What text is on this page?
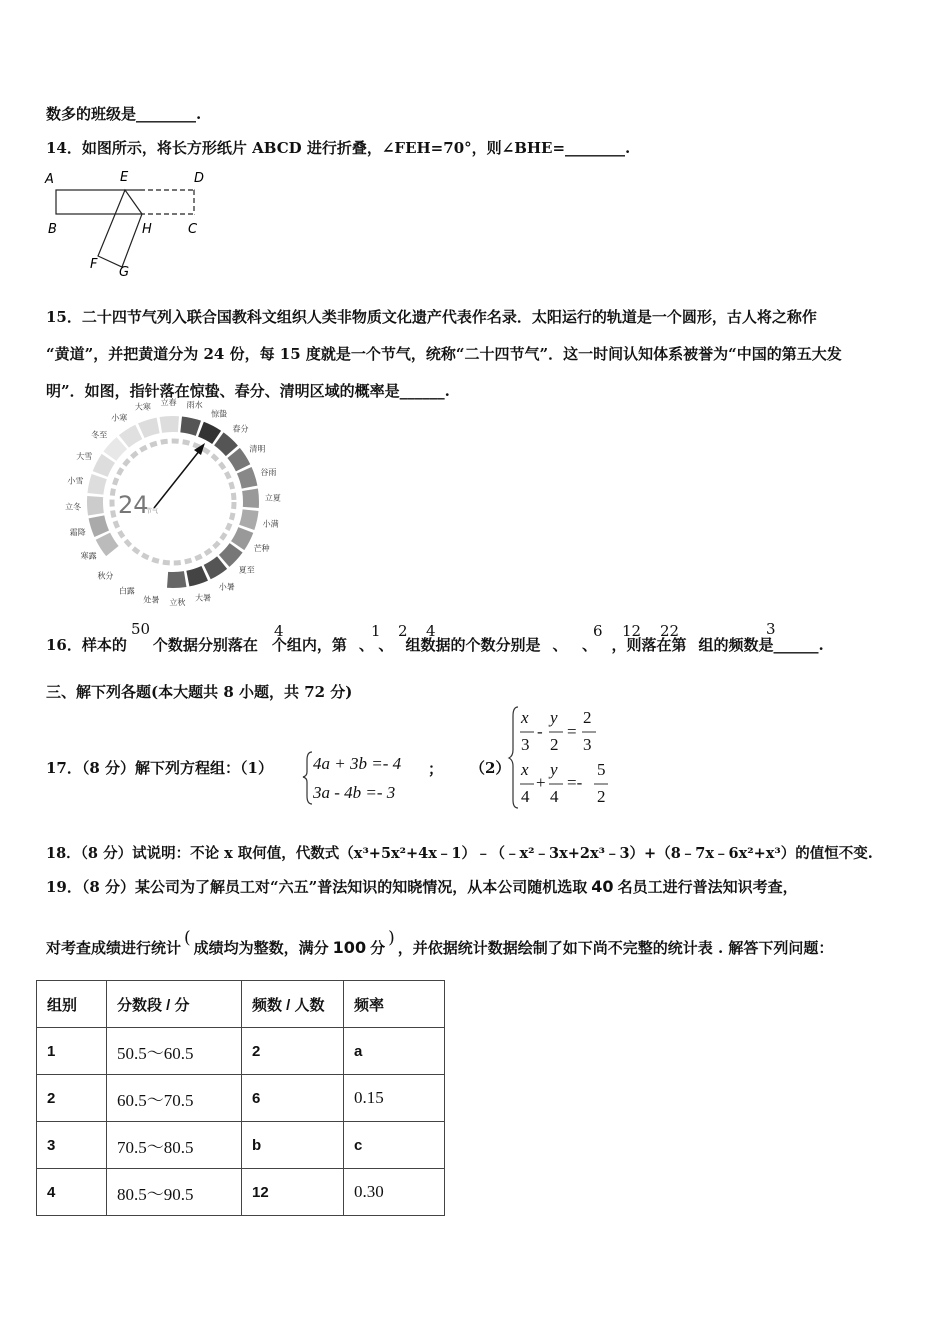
数多的班级是________.
14．如图所示，将长方形纸片 ABCD 进行折叠，∠FEH=70°，则∠BHE=________.
A	E	D
B	H	C
F
G
15．二十四节气列入联合国教科文组织人类非物质文化遗产代表作名录．太阳运行的轨道是一个圆形，古人将之称作
“黄道”，并把黄道分为 24 份，每 15 度就是一个节气，统称“二十四节气”．这一时间认知体系被誉为“中国的第五大发
明”．如图，指针落在惊蛰、春分、清明区域的概率是______.
24
节气
立春 雨水
惊蛰
春分
清明
谷雨
立夏
小满
芒种
夏至
小暑
大暑
立秋
处暑
白露
秋分
寒露
霜降
立冬
小雪
大雪
冬至
小寒
大寒
16．样本的
50
个数据分别落在
4
个组内，第
1
、
2
、
4
组数据的个数分别是
6
、
12
、
22
，则落在第
3
组的频数是______.
三、解下列各题(本大题共 8 小题，共 72 分)
17．（8 分）解下列方程组：（1） 4a + 3b =- 4
3a - 4b =- 3
； （2）
x
3
-
y
2
=
2
3
x
4
+
y
4
=-
5
2
18．（8 分）试说明：不论 x 取何值，代数式（x³+5x²+4x﹣1）﹣（﹣x²﹣3x+2x³﹣3）+（8﹣7x﹣6x²+x³）的值恒不变.
19．（8 分）某公司为了解员工对“六五”普法知识的知晓情况，从本公司随机选取 40 名员工进行普法知识考查，
对考查成绩进行统计 ( 成绩均为整数，满分 100 分 ) ，并依据统计数据绘制了如下尚不完整的统计表 . 解答下列问题：
组别	分数段 / 分	频数 / 人数	频率
1	50.5～60.5	2	a
2	60.5～70.5	6	0.15
3	70.5～80.5	b	c
4	80.5～90.5	12	0.30
